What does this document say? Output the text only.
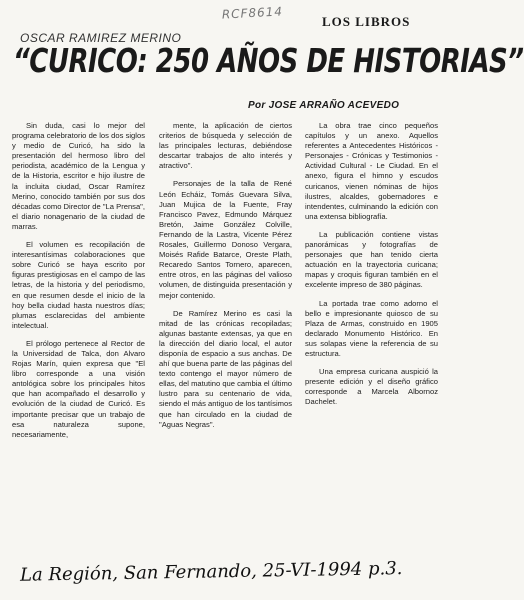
RCF8614	LOS LIBROS
OSCAR RAMIREZ MERINO
“CURICO: 250 AÑOS DE HISTORIAS”
Por JOSE ARRAÑO ACEVEDO

Sin duda, casi lo mejor del programa celebratorio de los dos siglos y medio de Curicó, ha sido la presentación del hermoso libro del periodista, académico de la Lengua y de la Historia, escritor e hijo ilustre de la incluita ciudad, Oscar Ramírez Merino, conocido también por sus dos décadas como Director de "La Prensa", el diario nonagenario de la ciudad de marras.

El volumen es recopilación de interesantísimas colaboraciones que sobre Curicó se haya escrito por figuras prestigiosas en el campo de las letras, de la historia y del periodismo, en que resumen desde el inicio de la hoy bella ciudad hasta nuestros días; plumas esclarecidas del ambiente intelectual.

El prólogo pertenece al Rector de la Universidad de Talca, don Alvaro Rojas Marín, quien expresa que "El libro corresponde a una visión antológica sobre los principales hitos que han acompañado el desarrollo y evolución de la ciudad de Curicó. Es importante precisar que un trabajo de esa naturaleza supone, necesariamente,

mente, la aplicación de ciertos criterios de búsqueda y selección de las principales lecturas, debiéndose descartar trabajos de alto interés y atractivo".

Personajes de la talla de René León Echáiz, Tomás Guevara Silva, Juan Mujica de la Fuente, Fray Francisco Pavez, Edmundo Márquez Bretón, Jaime González Colville, Fernando de la Lastra, Vicente Pérez Rosales, Guillermo Donoso Vergara, Moisés Rafide Batarce, Oreste Plath, Recaredo Santos Tornero, aparecen, entre otros, en las páginas del valioso volumen, de distinguida presentación y mejor contenido.

De Ramírez Merino es casi la mitad de las crónicas recopiladas; algunas bastante extensas, ya que en la dirección del diario local, el autor disponía de espacio a sus anchas. De ahí que buena parte de las páginas del texto contengo el mayor número de ellas, del matutino que cambia el último lustro para su centenario de vida, siendo el más antiguo de los tantísimos que han circulado en la ciudad de "Aguas Negras".

La obra trae cinco pequeños capítulos y un anexo. Aquellos referentes a Antecedentes Históricos - Personajes - Crónicas y Testimonios - Actividad Cultural - Le Ciudad. En el anexo, figura el himno y escudos curicanos, vienen nóminas de hijos ilustres, alcaldes, gobernadores e intendentes, culminando la edición con una extensa bibliografía.

La publicación contiene vistas panorámicas y fotografías de personajes que han tenido cierta actuación en la trayectoria curicana; mapas y croquis figuran también en el excelente impreso de 380 páginas.

La portada trae como adorno el bello e impresionante quiosco de su Plaza de Armas, construido en 1905 declarado Monumento Histórico. En sus solapas viene la referencia de su estructura.

Una empresa curicana auspició la presente edición y el diseño gráfico corresponde a Marcela Albornoz Dachelet.

La Región, San Fernando, 25-VI-1994 p.3.
